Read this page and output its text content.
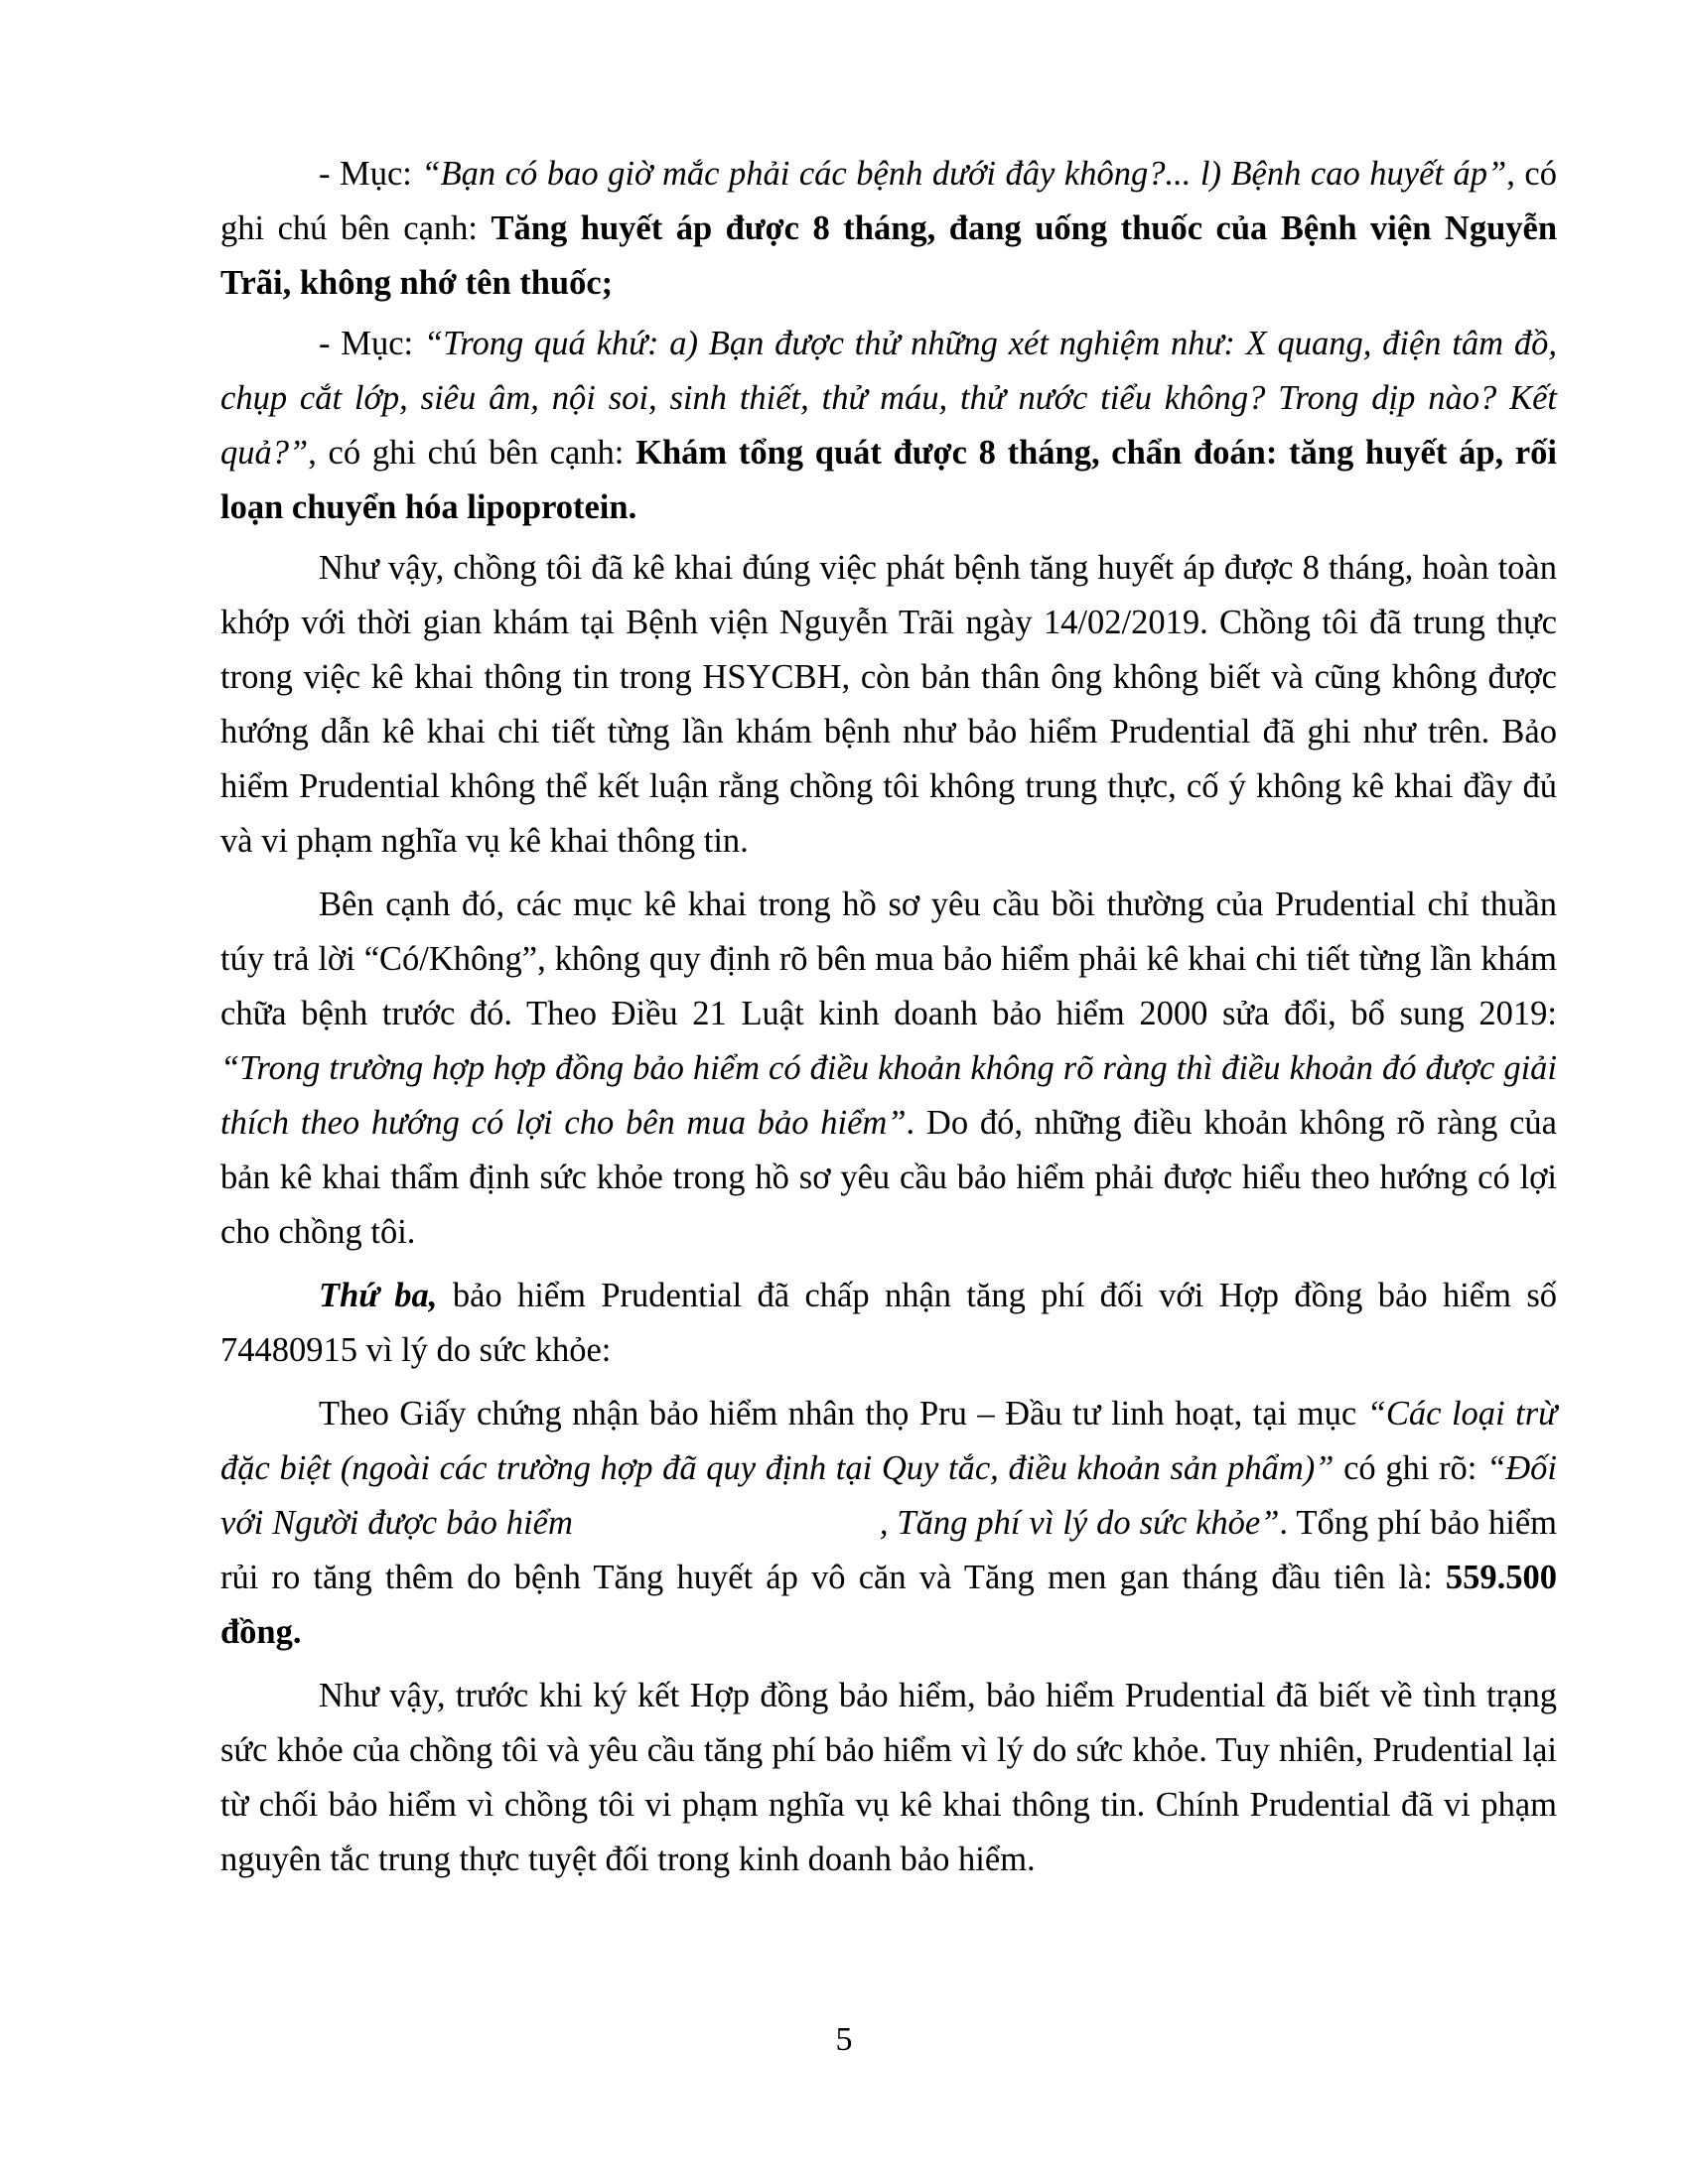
- Mục: “Bạn có bao giờ mắc phải các bệnh dưới đây không?... l) Bệnh cao huyết áp”, có ghi chú bên cạnh: Tăng huyết áp được 8 tháng, đang uống thuốc của Bệnh viện Nguyễn Trãi, không nhớ tên thuốc;

- Mục: “Trong quá khứ: a) Bạn được thử những xét nghiệm như: X quang, điện tâm đồ, chụp cắt lớp, siêu âm, nội soi, sinh thiết, thử máu, thử nước tiểu không? Trong dịp nào? Kết quả?”, có ghi chú bên cạnh: Khám tổng quát được 8 tháng, chẩn đoán: tăng huyết áp, rối loạn chuyển hóa lipoprotein.

Như vậy, chồng tôi đã kê khai đúng việc phát bệnh tăng huyết áp được 8 tháng, hoàn toàn khớp với thời gian khám tại Bệnh viện Nguyễn Trãi ngày 14/02/2019. Chồng tôi đã trung thực trong việc kê khai thông tin trong HSYCBH, còn bản thân ông không biết và cũng không được hướng dẫn kê khai chi tiết từng lần khám bệnh như bảo hiểm Prudential đã ghi như trên. Bảo hiểm Prudential không thể kết luận rằng chồng tôi không trung thực, cố ý không kê khai đầy đủ và vi phạm nghĩa vụ kê khai thông tin.

Bên cạnh đó, các mục kê khai trong hồ sơ yêu cầu bồi thường của Prudential chỉ thuần túy trả lời “Có/Không”, không quy định rõ bên mua bảo hiểm phải kê khai chi tiết từng lần khám chữa bệnh trước đó. Theo Điều 21 Luật kinh doanh bảo hiểm 2000 sửa đổi, bổ sung 2019: “Trong trường hợp hợp đồng bảo hiểm có điều khoản không rõ ràng thì điều khoản đó được giải thích theo hướng có lợi cho bên mua bảo hiểm”. Do đó, những điều khoản không rõ ràng của bản kê khai thẩm định sức khỏe trong hồ sơ yêu cầu bảo hiểm phải được hiểu theo hướng có lợi cho chồng tôi.

Thứ ba, bảo hiểm Prudential đã chấp nhận tăng phí đối với Hợp đồng bảo hiểm số 74480915 vì lý do sức khỏe:

Theo Giấy chứng nhận bảo hiểm nhân thọ Pru – Đầu tư linh hoạt, tại mục “Các loại trừ đặc biệt (ngoài các trường hợp đã quy định tại Quy tắc, điều khoản sản phẩm)” có ghi rõ: “Đối với Người được bảo hiểm	, Tăng phí vì lý do sức khỏe”. Tổng phí bảo hiểm rủi ro tăng thêm do bệnh Tăng huyết áp vô căn và Tăng men gan tháng đầu tiên là: 559.500 đồng.

Như vậy, trước khi ký kết Hợp đồng bảo hiểm, bảo hiểm Prudential đã biết về tình trạng sức khỏe của chồng tôi và yêu cầu tăng phí bảo hiểm vì lý do sức khỏe. Tuy nhiên, Prudential lại từ chối bảo hiểm vì chồng tôi vi phạm nghĩa vụ kê khai thông tin. Chính Prudential đã vi phạm nguyên tắc trung thực tuyệt đối trong kinh doanh bảo hiểm.

5
